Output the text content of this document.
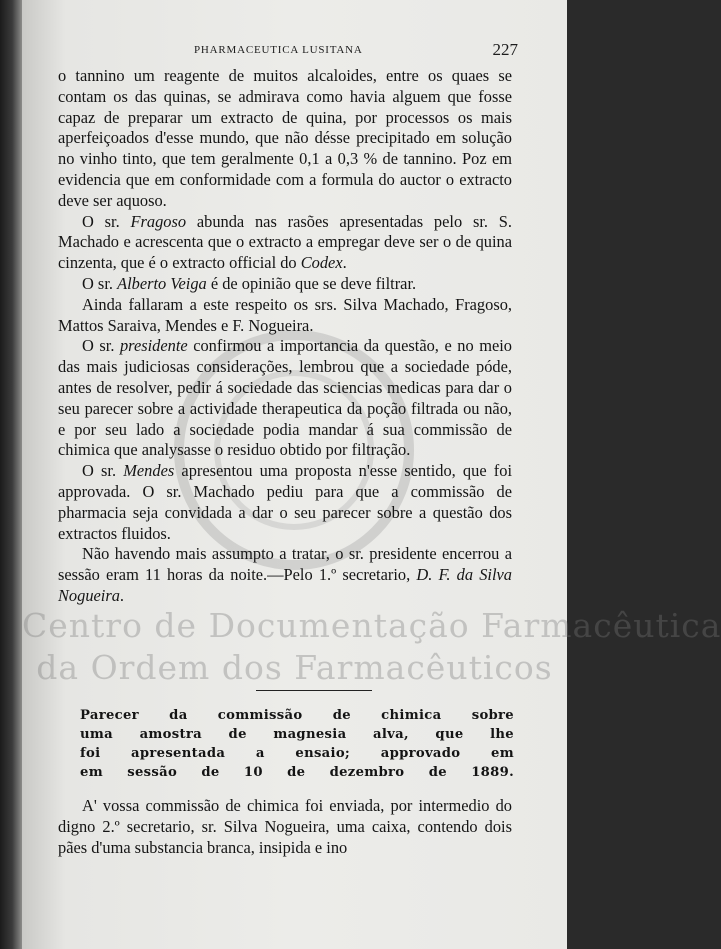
Centro de Documentação Farmacêutica
da Ordem dos Farmacêuticos
PHARMACEUTICA LUSITANA	227

o tannino um reagente de muitos alcaloides, entre os quaes se contam os das quinas, se admirava como havia alguem que fosse capaz de preparar um extracto de quina, por processos os mais aperfeiçoados d'esse mundo, que não désse precipitado em solução no vinho tinto, que tem geralmente 0,1 a 0,3 % de tannino. Poz em evidencia que em conformidade com a formula do auctor o extracto deve ser aquoso.

O sr. Fragoso abunda nas rasões apresentadas pelo sr. S. Machado e acrescenta que o extracto a empregar deve ser o de quina cinzenta, que é o extracto official do Codex.

O sr. Alberto Veiga é de opinião que se deve filtrar.

Ainda fallaram a este respeito os srs. Silva Machado, Fragoso, Mattos Saraiva, Mendes e F. Nogueira.

O sr. presidente confirmou a importancia da questão, e no meio das mais judiciosas considerações, lembrou que a sociedade póde, antes de resolver, pedir á sociedade das sciencias medicas para dar o seu parecer sobre a actividade therapeutica da poção filtrada ou não, e por seu lado a sociedade podia mandar á sua commissão de chimica que analysasse o residuo obtido por filtração.

O sr. Mendes apresentou uma proposta n'esse sentido, que foi approvada. O sr. Machado pediu para que a commissão de pharmacia seja convidada a dar o seu parecer sobre a questão dos extractos fluidos.

Não havendo mais assumpto a tratar, o sr. presidente encerrou a sessão eram 11 horas da noite.—Pelo 1.º secretario, D. F. da Silva Nogueira.

Parecer da commissão de chimica sobre
uma amostra de magnesia alva, que lhe
foi apresentada a ensaio; approvado em
em sessão de 10 de dezembro de 1889.

A' vossa commissão de chimica foi enviada, por intermedio do digno 2.º secretario, sr. Silva Nogueira, uma caixa, contendo dois pães d'uma substancia branca, insipida e ino
